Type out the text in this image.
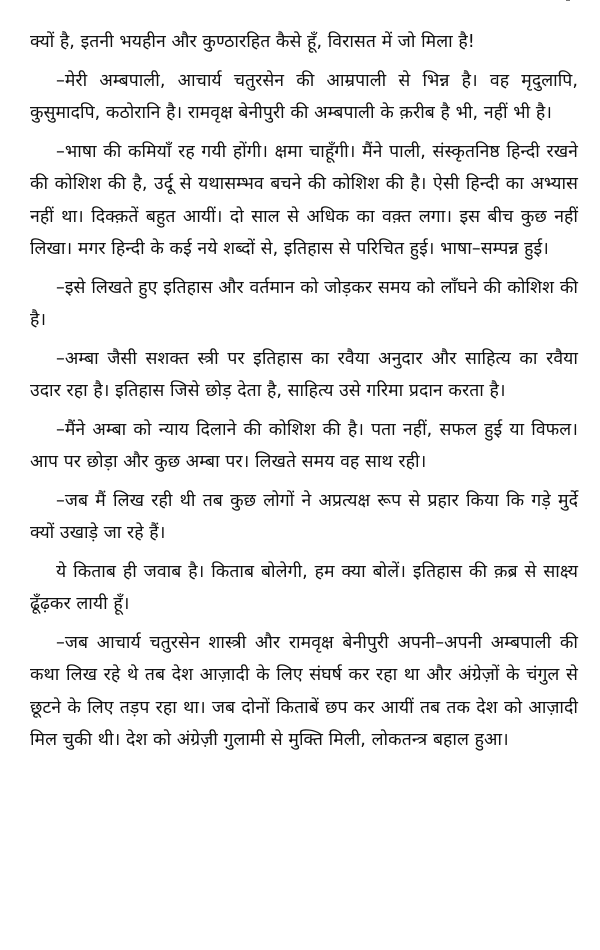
क्यों है, इतनी भयहीन और कुण्ठारहित कैसे हूँ, विरासत में जो मिला है!

–मेरी अम्बपाली, आचार्य चतुरसेन की आम्रपाली से भिन्न है। वह मृदुलापि, कुसुमादपि, कठोरानि है। रामवृक्ष बेनीपुरी की अम्बपाली के क़रीब है भी, नहीं भी है।

–भाषा की कमियाँ रह गयी होंगी। क्षमा चाहूँगी। मैंने पाली, संस्कृतनिष्ठ हिन्दी रखने की कोशिश की है, उर्दू से यथासम्भव बचने की कोशिश की है। ऐसी हिन्दी का अभ्यास नहीं था। दिक्क़तें बहुत आयीं। दो साल से अधिक का वक़्त लगा। इस बीच कुछ नहीं लिखा। मगर हिन्दी के कई नये शब्दों से, इतिहास से परिचित हुई। भाषा–सम्पन्न हुई।

–इसे लिखते हुए इतिहास और वर्तमान को जोड़कर समय को लाँघने की कोशिश की है।

–अम्बा जैसी सशक्त स्त्री पर इतिहास का रवैया अनुदार और साहित्य का रवैया उदार रहा है। इतिहास जिसे छोड़ देता है, साहित्य उसे गरिमा प्रदान करता है।

–मैंने अम्बा को न्याय दिलाने की कोशिश की है। पता नहीं, सफल हुई या विफल। आप पर छोड़ा और कुछ अम्बा पर। लिखते समय वह साथ रही।

–जब मैं लिख रही थी तब कुछ लोगों ने अप्रत्यक्ष रूप से प्रहार किया कि गड़े मुर्दे क्यों उखाड़े जा रहे हैं।

ये किताब ही जवाब है। किताब बोलेगी, हम क्या बोलें। इतिहास की क़ब्र से साक्ष्य ढूँढ़कर लायी हूँ।

–जब आचार्य चतुरसेन शास्त्री और रामवृक्ष बेनीपुरी अपनी–अपनी अम्बपाली की कथा लिख रहे थे तब देश आज़ादी के लिए संघर्ष कर रहा था और अंग्रेज़ों के चंगुल से छूटने के लिए तड़प रहा था। जब दोनों किताबें छप कर आयीं तब तक देश को आज़ादी मिल चुकी थी। देश को अंग्रेज़ी गुलामी से मुक्ति मिली, लोकतन्त्र बहाल हुआ।
